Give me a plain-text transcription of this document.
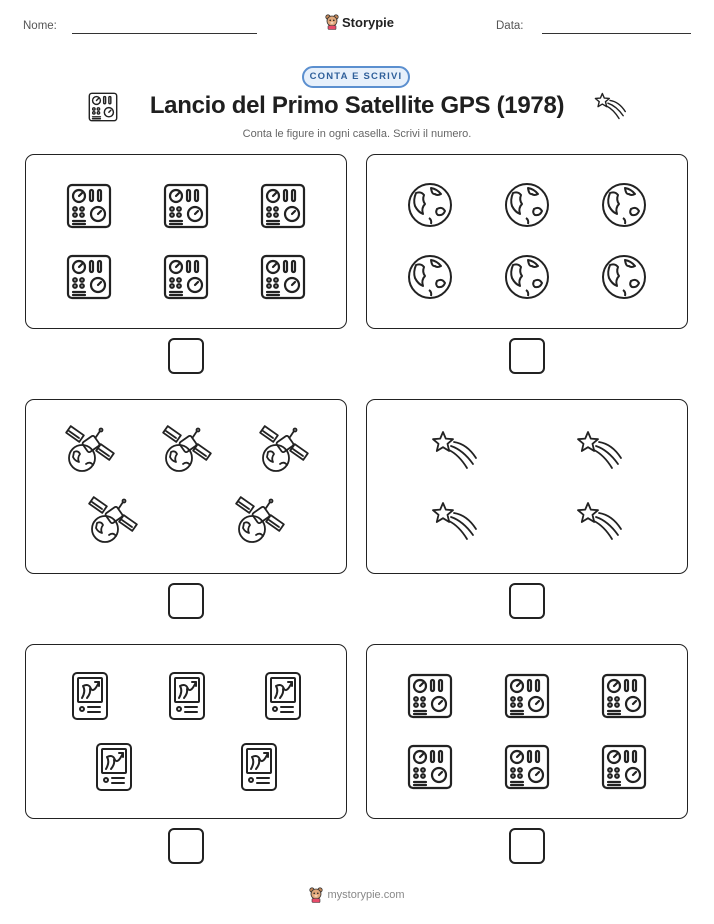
Nome:	Storypie	Data:
CONTA E SCRIVI
Lancio del Primo Satellite GPS (1978)
Conta le figure in ogni casella. Scrivi il numero.
mystorypie.com
